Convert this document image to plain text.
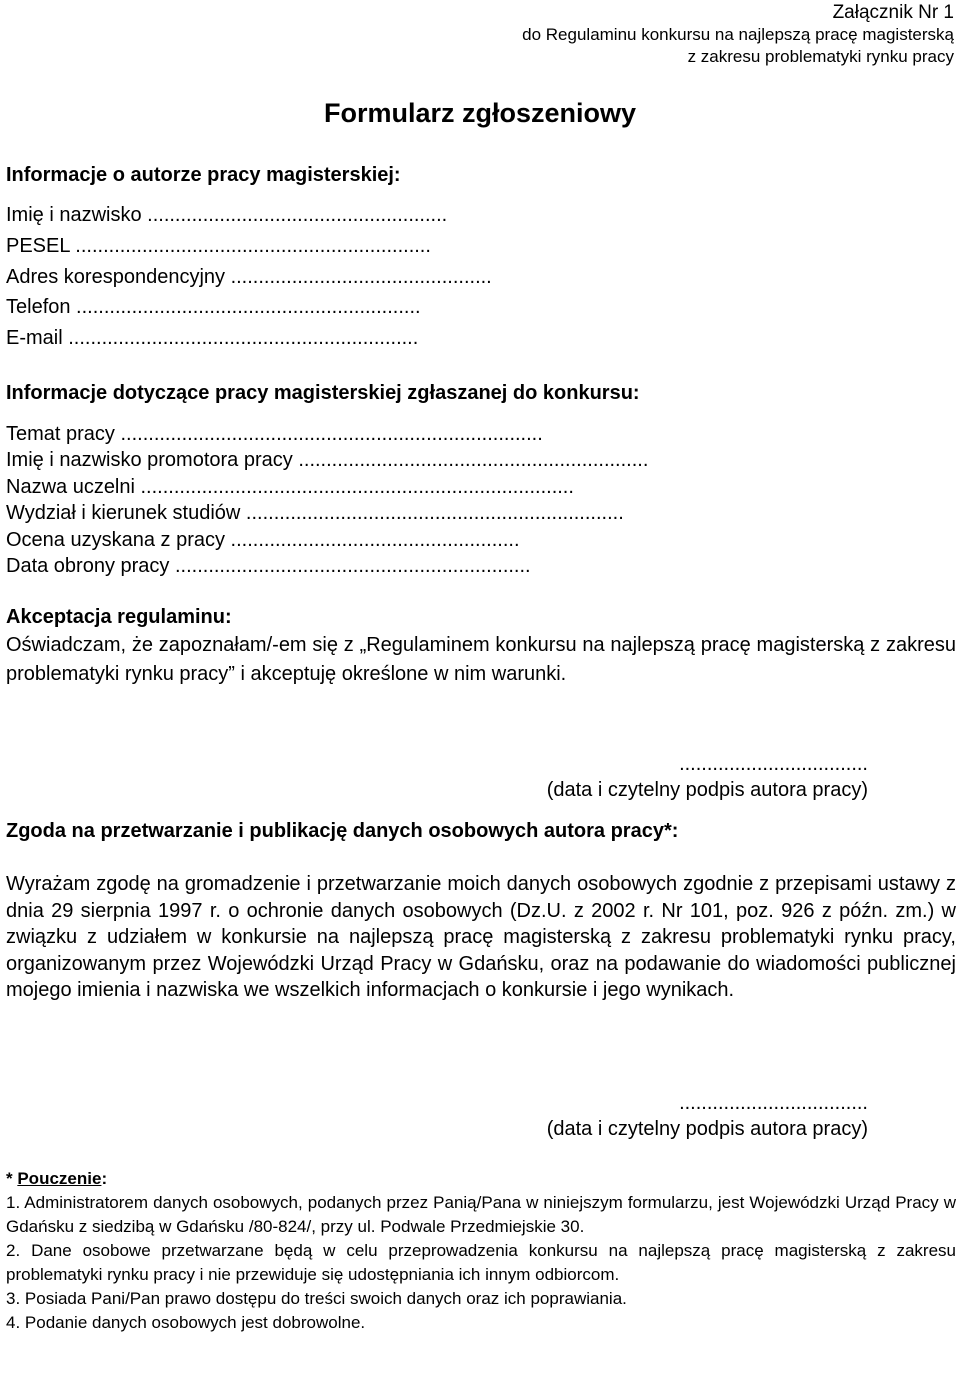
Załącznik Nr 1
do Regulaminu konkursu na najlepszą pracę magisterską
z zakresu problematyki rynku pracy
Formularz zgłoszeniowy
Informacje o autorze pracy magisterskiej:
Imię i nazwisko ......................................................
PESEL ................................................................
Adres korespondencyjny ...............................................
Telefon ..............................................................
E-mail ...............................................................
Informacje dotyczące pracy magisterskiej zgłaszanej do konkursu:
Temat pracy ............................................................................
Imię i nazwisko promotora pracy ...............................................................
Nazwa uczelni ..............................................................................
Wydział i kierunek studiów ....................................................................
Ocena uzyskana z pracy ....................................................
Data obrony pracy ................................................................
Akceptacja regulaminu:
Oświadczam, że zapoznałam/-em się z „Regulaminem konkursu na najlepszą pracę magisterską z zakresu problematyki rynku pracy” i akceptuję określone w nim warunki.
..................................
(data i czytelny podpis autora pracy)
Zgoda na przetwarzanie i publikację danych osobowych autora pracy*:
Wyrażam zgodę na gromadzenie i przetwarzanie moich danych osobowych zgodnie z przepisami ustawy z dnia 29 sierpnia 1997 r. o ochronie danych osobowych (Dz.U. z 2002 r. Nr 101, poz. 926 z późn. zm.) w związku z udziałem w konkursie na najlepszą pracę magisterską z zakresu problematyki rynku pracy, organizowanym przez Wojewódzki Urząd Pracy w Gdańsku, oraz na podawanie do wiadomości publicznej mojego imienia i nazwiska we wszelkich informacjach o konkursie i jego wynikach.
..................................
(data i czytelny podpis autora pracy)
* Pouczenie:
1. Administratorem danych osobowych, podanych przez Panią/Pana w niniejszym formularzu, jest Wojewódzki Urząd Pracy w Gdańsku z siedzibą w Gdańsku /80-824/, przy ul. Podwale Przedmiejskie 30.
2. Dane osobowe przetwarzane będą w celu przeprowadzenia konkursu na najlepszą pracę magisterską z zakresu problematyki rynku pracy i nie przewiduje się udostępniania ich innym odbiorcom.
3. Posiada Pani/Pan prawo dostępu do treści swoich danych oraz ich poprawiania.
4. Podanie danych osobowych jest dobrowolne.
